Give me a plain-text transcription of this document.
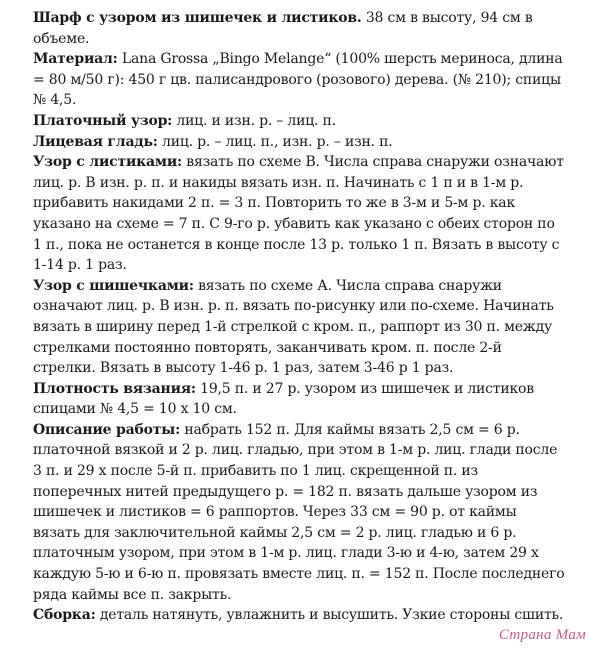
Шарф с узором из шишечек и листиков. 38 см в высоту, 94 см в объеме.

Материал: Lana Grossa „Bingo Melange“ (100% шерсть мериноса, длина = 80 м/50 г): 450 г цв. палисандрового (розового) дерева. (№ 210); спицы № 4,5.

Платочный узор: лиц. и изн. р. – лиц. п.

Лицевая гладь: лиц. р. – лиц. п., изн. р. – изн. п.

Узор с листиками: вязать по схеме В. Числа справа снаружи означают лиц. р. В изн. р. п. и накиды вязать изн. п. Начинать с 1 п и в 1-м р. прибавить накидами 2 п. = 3 п. Повторить то же в 3-м и 5-м р. как указано на схеме = 7 п. С 9-го р. убавить как указано с обеих сторон по 1 п., пока не останется в конце после 13 р. только 1 п. Вязать в высоту с 1-14 р. 1 раз.

Узор с шишечками: вязать по схеме А. Числа справа снаружи означают лиц. р. В изн. р. п. вязать по-рисунку или по-схеме. Начинать вязать в ширину перед 1-й стрелкой с кром. п., раппорт из 30 п. между стрелками постоянно повторять, заканчивать кром. п. после 2-й стрелки. Вязать в высоту 1-46 р. 1 раз, затем 3-46 р 1 раз.

Плотность вязания: 19,5 п. и 27 р. узором из шишечек и листиков спицами № 4,5 = 10 х 10 см.

Описание работы: набрать 152 п. Для каймы вязать 2,5 см = 6 р. платочной вязкой и 2 р. лиц. гладью, при этом в 1-м р. лиц. глади после 3 п. и 29 х после 5-й п. прибавить по 1 лиц. скрещенной п. из поперечных нитей предыдущего р. = 182 п. вязать дальше узором из шишечек и листиков = 6 раппортов. Через 33 см = 90 р. от каймы вязать для заключительной каймы 2,5 см = 2 р. лиц. гладью и 6 р. платочным узором, при этом в 1-м р. лиц. глади 3-ю и 4-ю, затем 29 х каждую 5-ю и 6-ю п. провязать вместе лиц. п. = 152 п. После последнего ряда каймы все п. закрыть.

Сборка: деталь натянуть, увлажнить и высушить. Узкие стороны сшить.

Страна Мам
